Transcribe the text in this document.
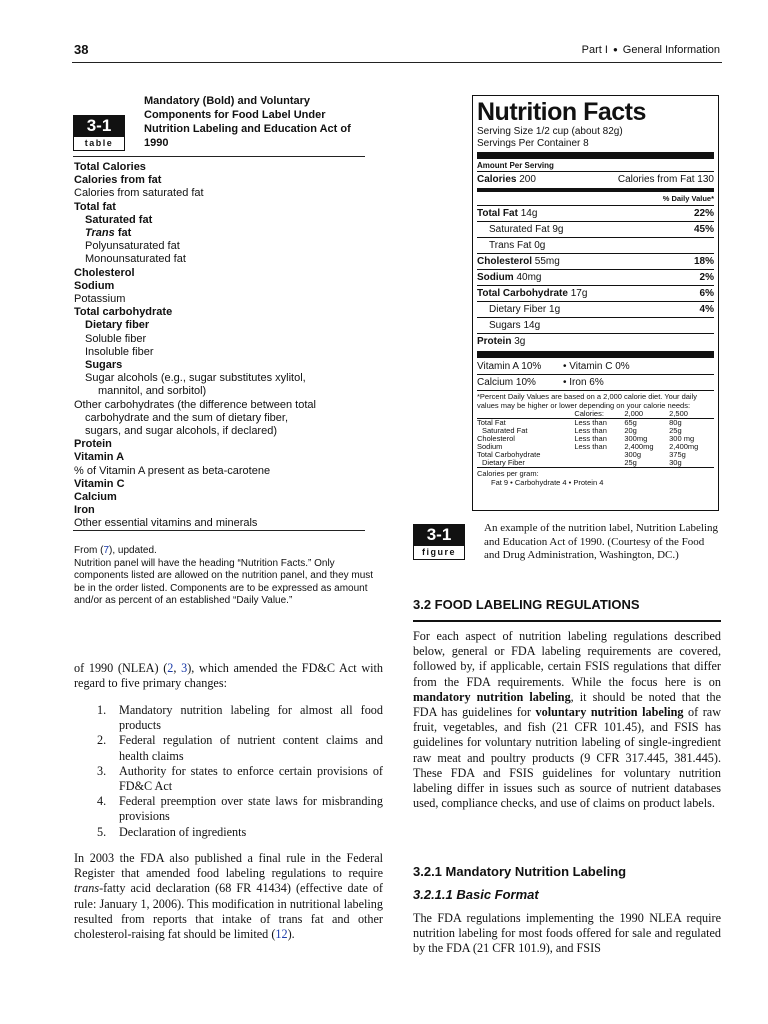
38	Part I ● General Information
3-1
table
Mandatory (Bold) and Voluntary Components for Food Label Under Nutrition Labeling and Education Act of 1990
Total Calories
Calories from fat
Calories from saturated fat
Total fat
Saturated fat
Trans fat
Polyunsaturated fat
Monounsaturated fat
Cholesterol
Sodium
Potassium
Total carbohydrate
Dietary fiber
Soluble fiber
Insoluble fiber
Sugars
Sugar alcohols (e.g., sugar substitutes xylitol,
mannitol, and sorbitol)
Other carbohydrates (the difference between total
carbohydrate and the sum of dietary fiber,
sugars, and sugar alcohols, if declared)
Protein
Vitamin A
% of Vitamin A present as beta-carotene
Vitamin C
Calcium
Iron
Other essential vitamins and minerals
From (7), updated.
Nutrition panel will have the heading “Nutrition Facts.” Only components listed are allowed on the nutrition panel, and they must be in the order listed. Components are to be expressed as amount and/or as percent of an established “Daily Value.”
Nutrition Facts
Serving Size 1/2 cup (about 82g)
Servings Per Container 8
Amount Per Serving
Calories 200	Calories from Fat 130
% Daily Value*
Total Fat 14g	22%
Saturated Fat 9g	45%
Trans Fat 0g
Cholesterol 55mg	18%
Sodium 40mg	2%
Total Carbohydrate 17g	6%
Dietary Fiber 1g	4%
Sugars 14g
Protein 3g
Vitamin A 10%	• Vitamin C 0%
Calcium 10%	• Iron 6%
*Percent Daily Values are based on a 2,000 calorie diet. Your daily values may be higher or lower depending on your calorie needs:
	Calories:	2,000	2,500
Total Fat	Less than	65g	80g
Saturated Fat	Less than	20g	25g
Cholesterol	Less than	300mg	300 mg
Sodium	Less than	2,400mg	2,400mg
Total Carbohydrate		300g	375g
Dietary Fiber		25g	30g
Calories per gram:
Fat 9 • Carbohydrate 4 • Protein 4
3-1
figure
An example of the nutrition label, Nutrition Labeling and Education Act of 1990. (Courtesy of the Food and Drug Administration, Washington, DC.)
of 1990 (NLEA) (2, 3), which amended the FD&C Act with regard to five primary changes:
1. Mandatory nutrition labeling for almost all food products
2. Federal regulation of nutrient content claims and health claims
3. Authority for states to enforce certain provisions of FD&C Act
4. Federal preemption over state laws for misbranding provisions
5. Declaration of ingredients
In 2003 the FDA also published a final rule in the Federal Register that amended food labeling regulations to require trans-fatty acid declaration (68 FR 41434) (effective date of rule: January 1, 2006). This modification in nutritional labeling resulted from reports that intake of trans fat and other cholesterol-raising fat should be limited (12).
3.2 FOOD LABELING REGULATIONS
For each aspect of nutrition labeling regulations described below, general or FDA labeling requirements are covered, followed by, if applicable, certain FSIS regulations that differ from the FDA requirements. While the focus here is on mandatory nutrition labeling, it should be noted that the FDA has guidelines for voluntary nutrition labeling of raw fruit, vegetables, and fish (21 CFR 101.45), and FSIS has guidelines for voluntary nutrition labeling of single-ingredient raw meat and poultry products (9 CFR 317.445, 381.445). These FDA and FSIS guidelines for voluntary nutrition labeling differ in issues such as source of nutrient databases used, compliance checks, and use of claims on product labels.
3.2.1 Mandatory Nutrition Labeling
3.2.1.1 Basic Format
The FDA regulations implementing the 1990 NLEA require nutrition labeling for most foods offered for sale and regulated by the FDA (21 CFR 101.9), and FSIS
